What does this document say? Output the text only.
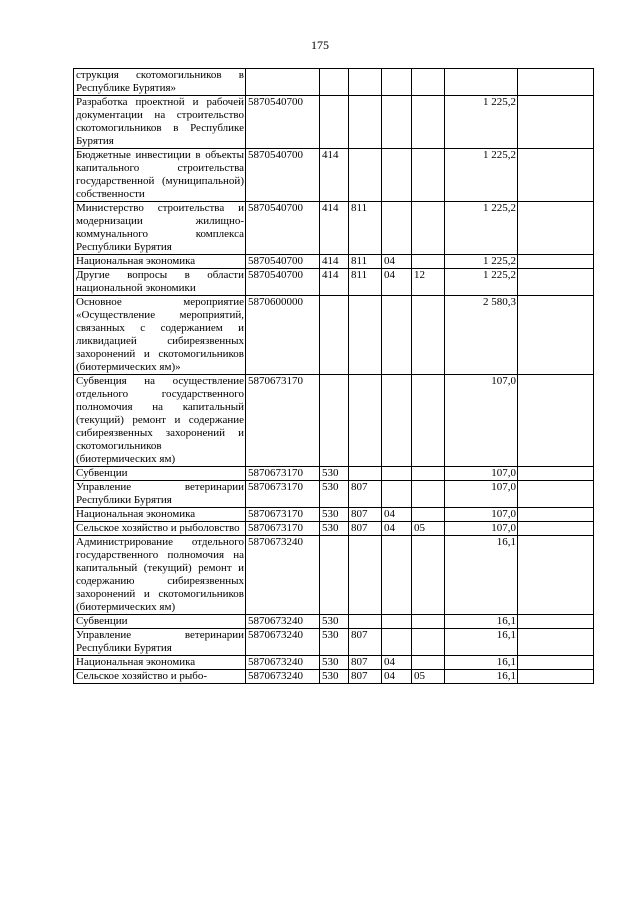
175
струкция скотомогильников в Республике Бурятия»							
Разработка проектной и рабочей документации на строительство скотомогильников в Республике Бурятия	5870540700					1 225,2	
Бюджетные инвестиции в объекты капитального строительства государственной (муниципальной) собственности	5870540700	414				1 225,2	
Министерство строительства и модернизации жилищно-коммунального комплекса Республики Бурятия	5870540700	414	811			1 225,2	
Национальная экономика	5870540700	414	811	04		1 225,2	
Другие вопросы в области национальной экономики	5870540700	414	811	04	12	1 225,2	
Основное мероприятие «Осуществление мероприятий, связанных с содержанием и ликвидацией сибиреязвенных захоронений и скотомогильников (биотермических ям)»	5870600000					2 580,3	
Субвенция на осуществление отдельного государственного полномочия на капитальный (текущий) ремонт и содержание сибиреязвенных захоронений и скотомогильников (биотермических ям)	5870673170					107,0	
Субвенции	5870673170	530				107,0	
Управление ветеринарии Республики Бурятия	5870673170	530	807			107,0	
Национальная экономика	5870673170	530	807	04		107,0	
Сельское хозяйство и рыболовство	5870673170	530	807	04	05	107,0	
Администрирование отдельного государственного полномочия на капитальный (текущий) ремонт и содержанию сибиреязвенных захоронений и скотомогильников (биотермических ям)	5870673240					16,1	
Субвенции	5870673240	530				16,1	
Управление ветеринарии Республики Бурятия	5870673240	530	807			16,1	
Национальная экономика	5870673240	530	807	04		16,1	
Сельское хозяйство и рыбо-	5870673240	530	807	04	05	16,1	
